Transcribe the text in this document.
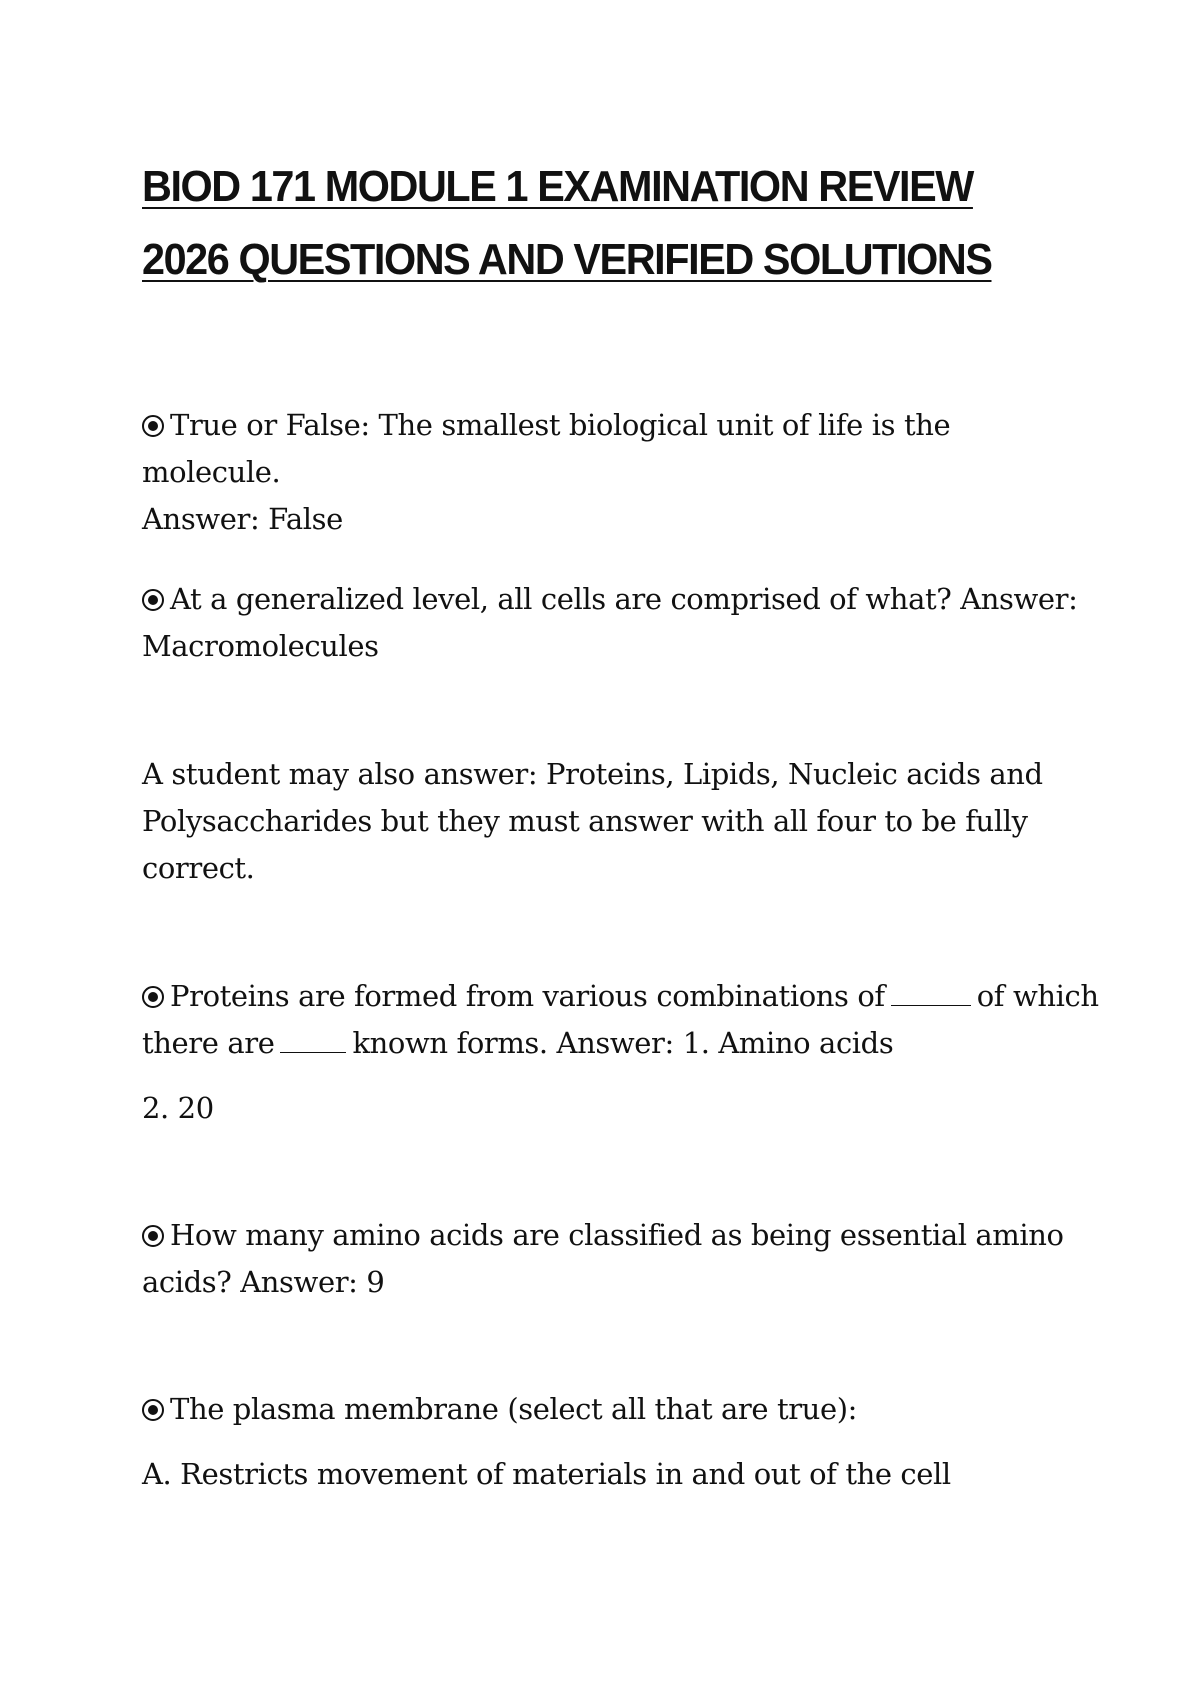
BIOD 171 MODULE 1 EXAMINATION REVIEW
2026 QUESTIONS AND VERIFIED SOLUTIONS
True or False: The smallest biological unit of life is the molecule.
Answer: False
At a generalized level, all cells are comprised of what? Answer:
Macromolecules
A student may also answer: Proteins, Lipids, Nucleic acids and
Polysaccharides but they must answer with all four to be fully
correct.
Proteins are formed from various combinations of	of which
there are	known forms. Answer: 1. Amino acids
2. 20
How many amino acids are classified as being essential amino
acids? Answer: 9
The plasma membrane (select all that are true):
A. Restricts movement of materials in and out of the cell
